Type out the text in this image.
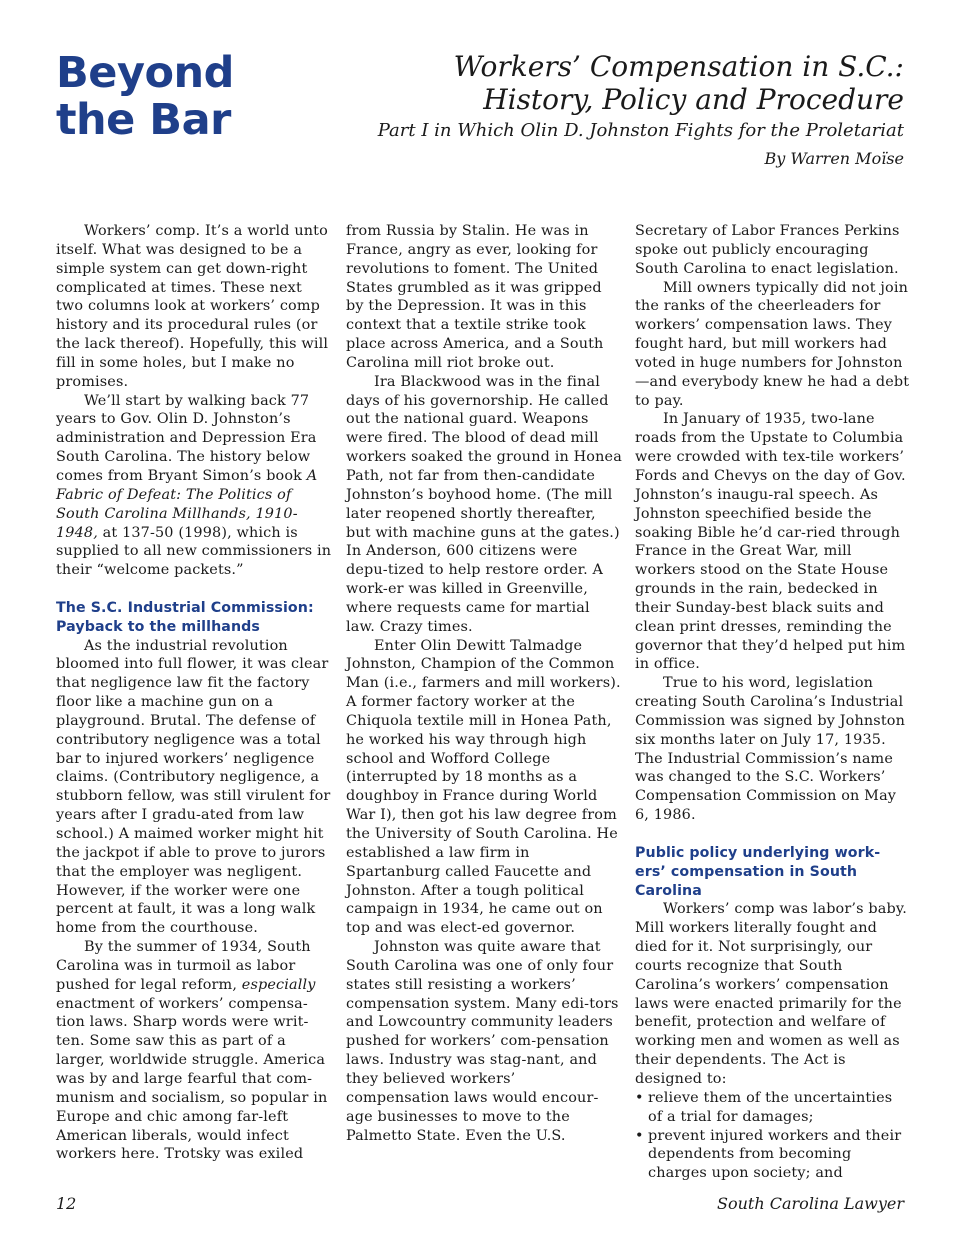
Beyond
the Bar
Workers’ Compensation in S.C.:
History, Policy and Procedure
Part I in Which Olin D. Johnston Fights for the Proletariat
By Warren Moïse

Workers’ comp. It’s a world unto itself. What was designed to be a simple system can get down-right complicated at times. These next two columns look at workers’ comp history and its procedural rules (or the lack thereof). Hopefully, this will fill in some holes, but I make no promises.

We’ll start by walking back 77 years to Gov. Olin D. Johnston’s administration and Depression Era South Carolina. The history below comes from Bryant Simon’s book A Fabric of Defeat: The Politics of South Carolina Millhands, 1910-1948, at 137-50 (1998), which is supplied to all new commissioners in their “welcome packets.”

The S.C. Industrial Commission: Payback to the millhands

As the industrial revolution bloomed into full flower, it was clear that negligence law fit the factory floor like a machine gun on a playground. Brutal. The defense of contributory negligence was a total bar to injured workers’ negligence claims. (Contributory negligence, a stubborn fellow, was still virulent for years after I gradu-ated from law school.) A maimed worker might hit the jackpot if able to prove to jurors that the employer was negligent. However, if the worker were one percent at fault, it was a long walk home from the courthouse.

By the summer of 1934, South Carolina was in turmoil as labor pushed for legal reform, especially enactment of workers’ compensa-tion laws. Sharp words were writ-ten. Some saw this as part of a larger, worldwide struggle. America was by and large fearful that com-munism and socialism, so popular in Europe and chic among far-left American liberals, would infect workers here. Trotsky was exiled

from Russia by Stalin. He was in France, angry as ever, looking for revolutions to foment. The United States grumbled as it was gripped by the Depression. It was in this context that a textile strike took place across America, and a South Carolina mill riot broke out.

Ira Blackwood was in the final days of his governorship. He called out the national guard. Weapons were fired. The blood of dead mill workers soaked the ground in Honea Path, not far from then-candidate Johnston’s boyhood home. (The mill later reopened shortly thereafter, but with machine guns at the gates.) In Anderson, 600 citizens were depu-tized to help restore order. A work-er was killed in Greenville, where requests came for martial law. Crazy times.

Enter Olin Dewitt Talmadge Johnston, Champion of the Common Man (i.e., farmers and mill workers). A former factory worker at the Chiquola textile mill in Honea Path, he worked his way through high school and Wofford College (interrupted by 18 months as a doughboy in France during World War I), then got his law degree from the University of South Carolina. He established a law firm in Spartanburg called Faucette and Johnston. After a tough political campaign in 1934, he came out on top and was elect-ed governor.

Johnston was quite aware that South Carolina was one of only four states still resisting a workers’ compensation system. Many edi-tors and Lowcountry community leaders pushed for workers’ com-pensation laws. Industry was stag-nant, and they believed workers’ compensation laws would encour-age businesses to move to the Palmetto State. Even the U.S.

Secretary of Labor Frances Perkins spoke out publicly encouraging South Carolina to enact legislation.

Mill owners typically did not join the ranks of the cheerleaders for workers’ compensation laws. They fought hard, but mill workers had voted in huge numbers for Johnston—and everybody knew he had a debt to pay.

In January of 1935, two-lane roads from the Upstate to Columbia were crowded with tex-tile workers’ Fords and Chevys on the day of Gov. Johnston’s inaugu-ral speech. As Johnston speechified beside the soaking Bible he’d car-ried through France in the Great War, mill workers stood on the State House grounds in the rain, bedecked in their Sunday-best black suits and clean print dresses, reminding the governor that they’d helped put him in office.

True to his word, legislation creating South Carolina’s Industrial Commission was signed by Johnston six months later on July 17, 1935. The Industrial Commission’s name was changed to the S.C. Workers’ Compensation Commission on May 6, 1986.

Public policy underlying work-ers’ compensation in South Carolina

Workers’ comp was labor’s baby. Mill workers literally fought and died for it. Not surprisingly, our courts recognize that South Carolina’s workers’ compensation laws were enacted primarily for the benefit, protection and welfare of working men and women as well as their dependents. The Act is designed to:

• relieve them of the uncertainties of a trial for damages;
• prevent injured workers and their dependents from becoming charges upon society; and
12	South Carolina Lawyer
